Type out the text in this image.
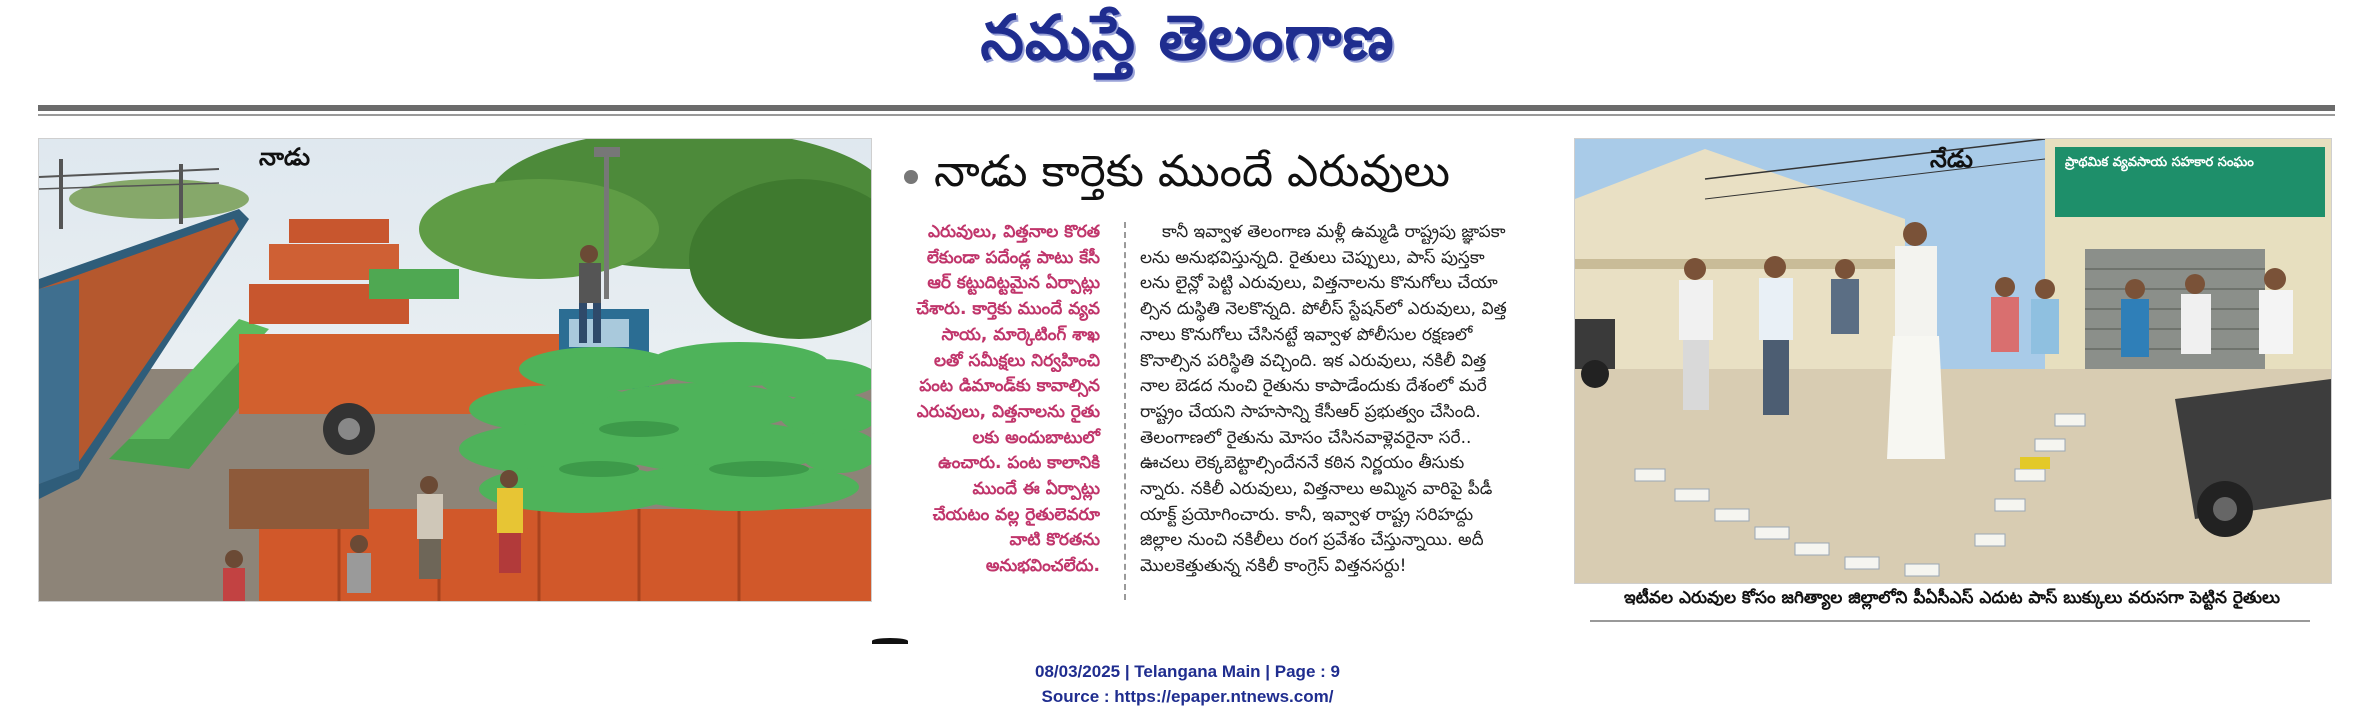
నమస్తే తెలంగాణ
నాడు	నాడు కార్తెకు ముందే ఎరువులు
ఎరువులు, విత్తనాల కొరత
లేకుండా పదేండ్ల పాటు కేసీ
ఆర్ కట్టుదిట్టమైన ఏర్పాట్లు
చేశారు. కార్తెకు ముందే వ్యవ
సాయ, మార్కెటింగ్ శాఖ
లతో సమీక్షలు నిర్వహించి
పంట డిమాండ్‌కు కావాల్సిన
ఎరువులు, విత్తనాలను రైతు
లకు అందుబాటులో
ఉంచారు. పంట కాలానికి
ముందే ఈ ఏర్పాట్లు
చేయటం వల్ల రైతులెవరూ
వాటి కొరతను
అనుభవించలేదు.
కానీ ఇవ్వాళ తెలంగాణ మళ్లీ ఉమ్మడి రాష్ట్రపు జ్ఞాపకా
లను అనుభవిస్తున్నది. రైతులు చెప్పులు, పాస్ పుస్తకా
లను లైన్లో పెట్టి ఎరువులు, విత్తనాలను కొనుగోలు చేయా
ల్సిన దుస్థితి నెలకొన్నది. పోలీస్ స్టేషన్‌లో ఎరువులు, విత్త
నాలు కొనుగోలు చేసినట్టే ఇవ్వాళ పోలీసుల రక్షణలో
కొనాల్సిన పరిస్థితి వచ్చింది. ఇక ఎరువులు, నకిలీ విత్త
నాల బెడద నుంచి రైతును కాపాడేందుకు దేశంలో మరే
రాష్ట్రం చేయని సాహసాన్ని కేసీఆర్ ప్రభుత్వం చేసింది.
తెలంగాణలో రైతును మోసం చేసినవాళ్లెవరైనా సరే..
ఊచలు లెక్కబెట్టాల్సిందేననే కఠిన నిర్ణయం తీసుకు
న్నారు. నకిలీ ఎరువులు, విత్తనాలు అమ్మిన వారిపై పీడీ
యాక్ట్ ప్రయోగించారు. కానీ, ఇవ్వాళ రాష్ట్ర సరిహద్దు
జిల్లాల నుంచి నకిలీలు రంగ ప్రవేశం చేస్తున్నాయి. అదీ
మొలకెత్తుతున్న నకిలీ కాంగ్రెస్ విత్తనసర్దు!
నేడు	ప్రాథమిక వ్యవసాయ సహకార సంఘం
ఇటీవల ఎరువుల కోసం జగిత్యాల జిల్లాలోని పీఏసీఎస్ ఎదుట పాస్ బుక్కులు వరుసగా పెట్టిన రైతులు
08/03/2025 | Telangana Main | Page : 9
Source : https://epaper.ntnews.com/
